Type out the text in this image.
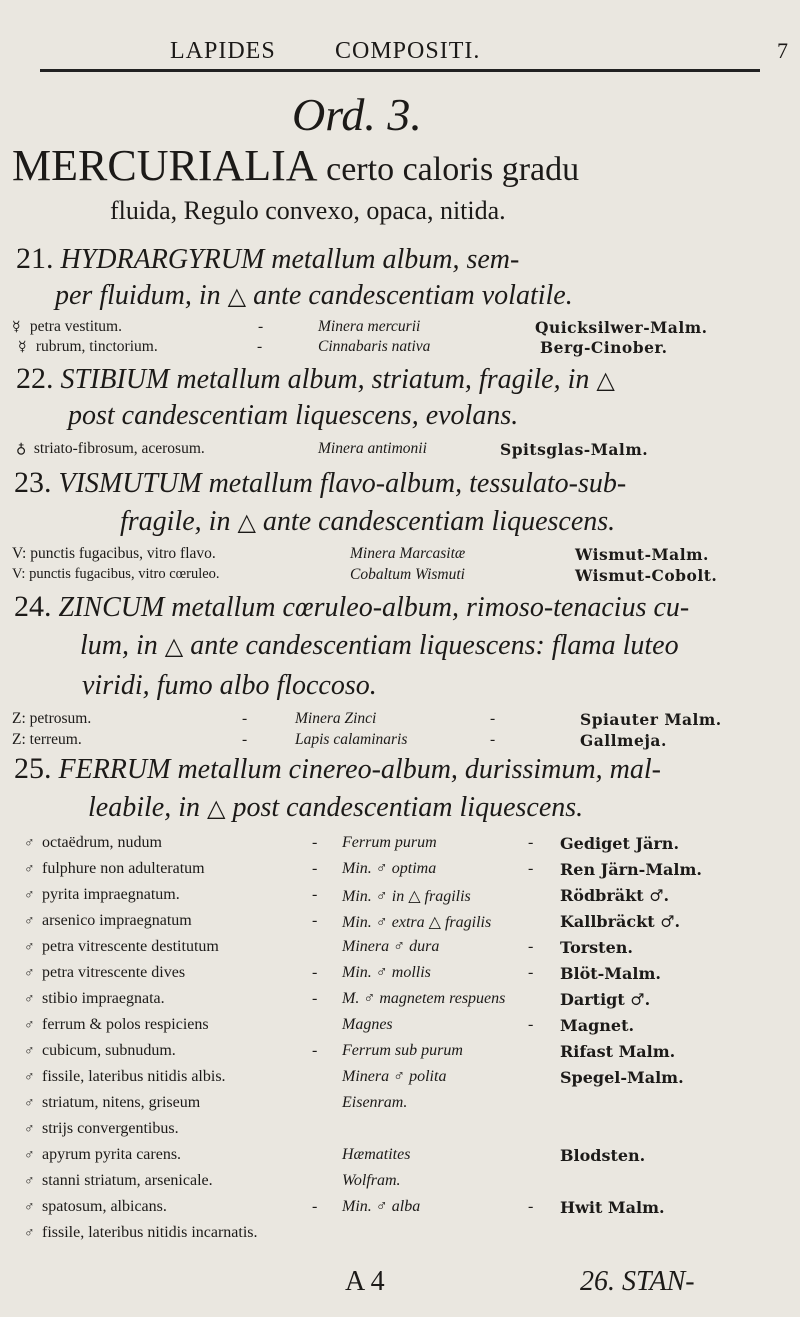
LAPIDES COMPOSITI.	7
Ord. 3.
MERCURIALIA certo caloris gradu
fluida, Regulo convexo, opaca, nitida.
21. HYDRARGYRUM metallum album, sem-
per fluidum, in △ ante candescentiam volatile.
☿ petra vestitum.	-	Minera mercurii	Quicksilwer-Malm.
☿ rubrum, tinctorium.	-	Cinnabaris nativa	Berg-Cinober.
22. STIBIUM metallum album, striatum, fragile, in △
post candescentiam liquescens, evolans.
♁ striato-fibrosum, acerosum.	Minera antimonii	Spitsglas-Malm.
23. VISMUTUM metallum flavo-album, tessulato-sub-
fragile, in △ ante candescentiam liquescens.
V: punctis fugacibus, vitro flavo.	Minera Marcasitæ	Wismut-Malm.
V: punctis fugacibus, vitro cœruleo.	Cobaltum Wismuti	Wismut-Cobolt.
24. ZINCUM metallum cœruleo-album, rimoso-tenacius cu-
lum, in △ ante candescentiam liquescens: flama luteo
viridi, fumo albo floccoso.
Z: petrosum.	-	Minera Zinci	-	Spiauter Malm.
Z: terreum.	-	Lapis calaminaris	-	Gallmeja.
25. FERRUM metallum cinereo-album, durissimum, mal-
leabile, in △ post candescentiam liquescens.
♂ octaëdrum, nudum	- Ferrum purum	- Gediget Järn.
♂ fulphure non adulteratum	- Min. ♂ optima	- Ren Järn-Malm.
♂ pyrita impraegnatum.	- Min. ♂ in △ fragilis	Rödbräkt ♂.
♂ arsenico impraegnatum	- Min. ♂ extra △ fragilis	Kallbräckt ♂.
♂ petra vitrescente destitutum	Minera ♂ dura	- Torsten.
♂ petra vitrescente dives	- Min. ♂ mollis	- Blöt-Malm.
♂ stibio impraegnata.	- M. ♂ magnetem respuens	Dartigt ♂.
♂ ferrum & polos respiciens	Magnes	- Magnet.
♂ cubicum, subnudum.	- Ferrum sub purum	Rifast Malm.
♂ fissile, lateribus nitidis albis.	Minera ♂ polita	Spegel-Malm.
♂ striatum, nitens, griseum	Eisenram.
♂ strijs convergentibus.
♂ apyrum pyrita carens.	Hæmatites	Blodsten.
♂ stanni striatum, arsenicale.	Wolfram.
♂ spatosum, albicans.	- Min. ♂ alba	- Hwit Malm.
♂ fissile, lateribus nitidis incarnatis.
A 4	26. STAN-
